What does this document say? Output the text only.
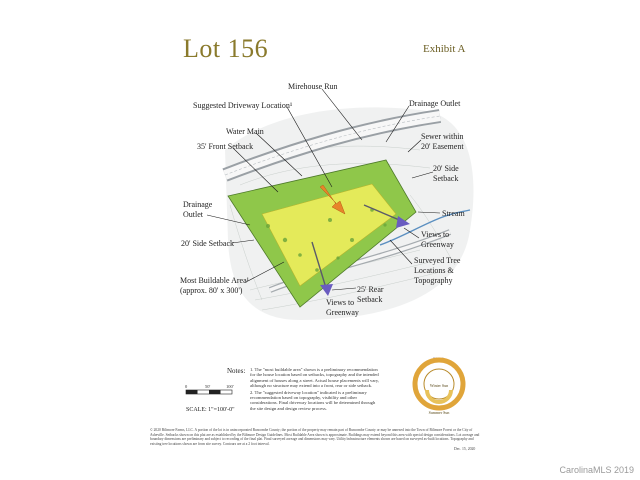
Lot 156	Exhibit A
Mirehouse Run
Suggested Driveway Location¹	Drainage Outlet
Water Main
Sewer within
20' Easement
35' Front Setback
20' Side
Setback
Drainage
Outlet	Stream
20' Side Setback
Views to
Greenway
Most Buildable Area¹
(approx. 80' x 300')
Surveyed Tree
Locations &
Topography
25' Rear
Setback
Views to
Greenway
Notes: 1. The "most buildable area" shown is a preliminary recommendation for the house location based on setbacks, topography and the intended alignment of houses along a street. Actual house placements will vary, although no structure may extend into a front, rear or side setback.

2. The "suggested driveway location" indicated is a preliminary recommendation based on topography, visibility and other considerations. Final driveway locations will be determined through the site design and design review process.

0	50'	100'
SCALE: 1"=100'-0"
North
Winter Sun
Summer Sun
© 2020 Biltmore Farms, LLC. A portion of the lot is in unincorporated Buncombe County; the portion of the property may remain part of Buncombe County or may be annexed into the Town of Biltmore Forest or the City of Asheville. Setbacks shown on this plat are as established by the Biltmore Design Guidelines. Most Buildable Area shown is approximate. Buildings may extend beyond this area with special design considerations. Lot acreage and boundary dimensions are preliminary and subject to recording of the final plat. Final surveyed acreage and dimensions may vary. Utility/infrastructure elements shown are based on surveyed as-built locations. Topography and existing tree locations shown are from site survey. Contours are at a 2 foot interval.
Dec. 15, 2020
CarolinaMLS 2019
